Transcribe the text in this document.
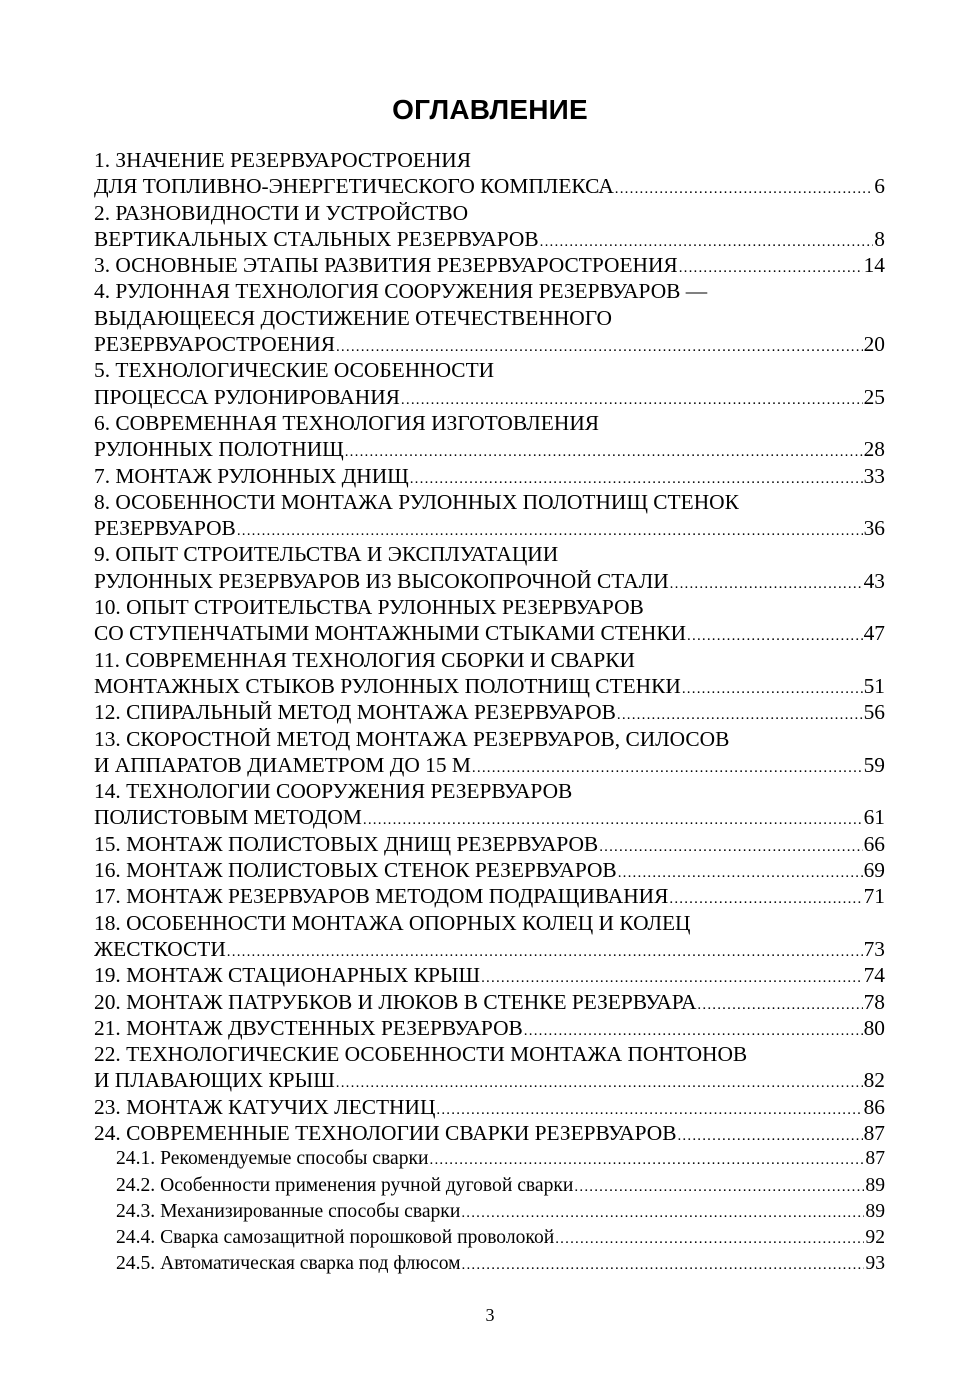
ОГЛАВЛЕНИЕ
1. ЗНАЧЕНИЕ РЕЗЕРВУАРОСТРОЕНИЯ
ДЛЯ ТОПЛИВНО-ЭНЕРГЕТИЧЕСКОГО КОМПЛЕКСА .....	6
2. РАЗНОВИДНОСТИ И УСТРОЙСТВО
ВЕРТИКАЛЬНЫХ СТАЛЬНЫХ РЕЗЕРВУАРОВ .....	8
3. ОСНОВНЫЕ ЭТАПЫ РАЗВИТИЯ РЕЗЕРВУАРОСТРОЕНИЯ .....	14
4. РУЛОННАЯ ТЕХНОЛОГИЯ СООРУЖЕНИЯ РЕЗЕРВУАРОВ —
ВЫДАЮЩЕЕСЯ ДОСТИЖЕНИЕ ОТЕЧЕСТВЕННОГО
РЕЗЕРВУАРОСТРОЕНИЯ .....	20
5. ТЕХНОЛОГИЧЕСКИЕ ОСОБЕННОСТИ
ПРОЦЕССА РУЛОНИРОВАНИЯ .....	25
6. СОВРЕМЕННАЯ ТЕХНОЛОГИЯ ИЗГОТОВЛЕНИЯ
РУЛОННЫХ ПОЛОТНИЩ .....	28
7. МОНТАЖ РУЛОННЫХ ДНИЩ .....	33
8. ОСОБЕННОСТИ МОНТАЖА РУЛОННЫХ ПОЛОТНИЩ СТЕНОК
РЕЗЕРВУАРОВ .....	36
9. ОПЫТ СТРОИТЕЛЬСТВА И ЭКСПЛУАТАЦИИ
РУЛОННЫХ РЕЗЕРВУАРОВ ИЗ ВЫСОКОПРОЧНОЙ СТАЛИ .....	43
10. ОПЫТ СТРОИТЕЛЬСТВА РУЛОННЫХ РЕЗЕРВУАРОВ
СО СТУПЕНЧАТЫМИ МОНТАЖНЫМИ СТЫКАМИ СТЕНКИ .....	47
11. СОВРЕМЕННАЯ ТЕХНОЛОГИЯ СБОРКИ И СВАРКИ
МОНТАЖНЫХ СТЫКОВ РУЛОННЫХ ПОЛОТНИЩ СТЕНКИ .....	51
12. СПИРАЛЬНЫЙ МЕТОД МОНТАЖА РЕЗЕРВУАРОВ .....	56
13. СКОРОСТНОЙ МЕТОД МОНТАЖА РЕЗЕРВУАРОВ, СИЛОСОВ
И АППАРАТОВ ДИАМЕТРОМ ДО 15 М .....	59
14. ТЕХНОЛОГИИ СООРУЖЕНИЯ РЕЗЕРВУАРОВ
ПОЛИСТОВЫМ МЕТОДОМ .....	61
15. МОНТАЖ ПОЛИСТОВЫХ ДНИЩ РЕЗЕРВУАРОВ .....	66
16. МОНТАЖ ПОЛИСТОВЫХ СТЕНОК РЕЗЕРВУАРОВ .....	69
17. МОНТАЖ РЕЗЕРВУАРОВ МЕТОДОМ ПОДРАЩИВАНИЯ .....	71
18. ОСОБЕННОСТИ МОНТАЖА ОПОРНЫХ КОЛЕЦ И КОЛЕЦ
ЖЕСТКОСТИ .....	73
19. МОНТАЖ СТАЦИОНАРНЫХ КРЫШ .....	74
20. МОНТАЖ ПАТРУБКОВ И ЛЮКОВ В СТЕНКЕ РЕЗЕРВУАРА .....	78
21. МОНТАЖ ДВУСТЕННЫХ РЕЗЕРВУАРОВ .....	80
22. ТЕХНОЛОГИЧЕСКИЕ ОСОБЕННОСТИ МОНТАЖА ПОНТОНОВ
И ПЛАВАЮЩИХ КРЫШ .....	82
23. МОНТАЖ КАТУЧИХ ЛЕСТНИЦ .....	86
24. СОВРЕМЕННЫЕ ТЕХНОЛОГИИ СВАРКИ РЕЗЕРВУАРОВ .....	87
24.1. Рекомендуемые способы сварки .....	87
24.2. Особенности применения ручной дуговой сварки .....	89
24.3. Механизированные способы сварки .....	89
24.4. Сварка самозащитной порошковой проволокой .....	92
24.5. Автоматическая сварка под флюсом .....	93
3
